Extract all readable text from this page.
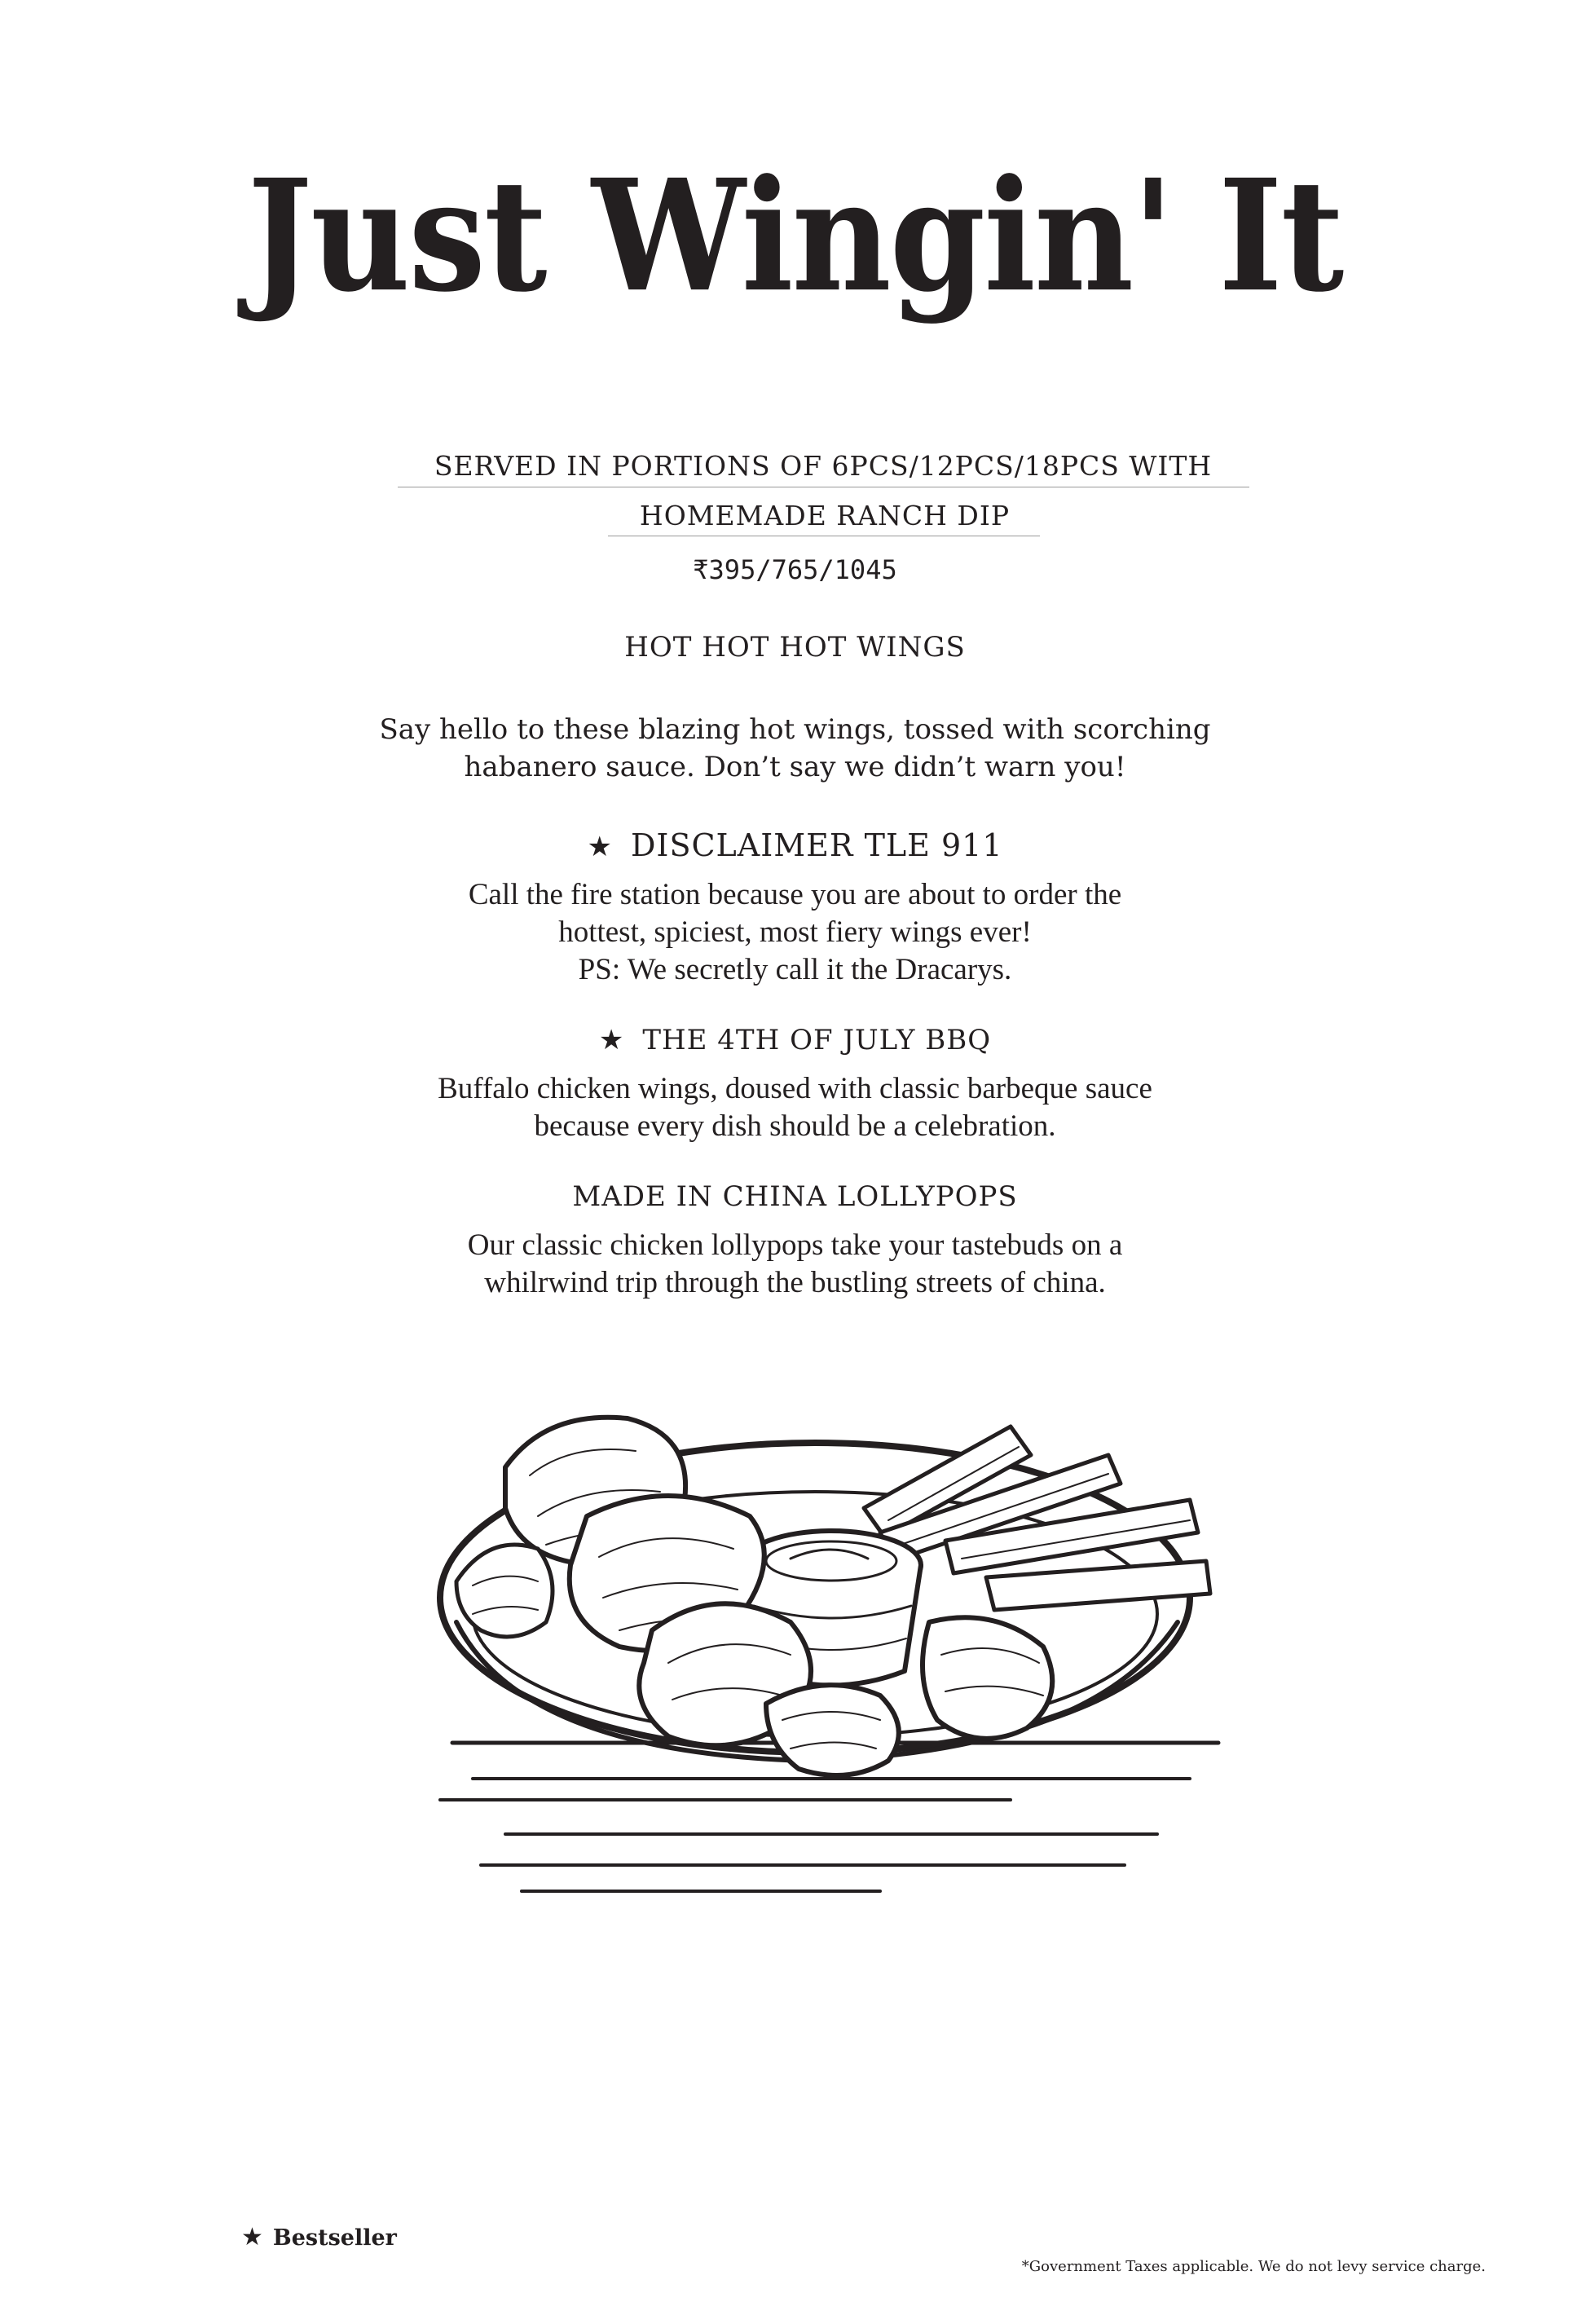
Just Wingin' It
SERVED IN PORTIONS OF 6PCS/12PCS/18PCS WITH
HOMEMADE RANCH DIP
₹395/765/1045
HOT HOT HOT WINGS
Say hello to these blazing hot wings, tossed with scorching
habanero sauce. Don’t say we didn’t warn you!
★ DISCLAIMER TLE 911
Call the fire station because you are about to order the
hottest, spiciest, most fiery wings ever!
PS: We secretly call it the Dracarys.
★ THE 4TH OF JULY BBQ
Buffalo chicken wings, doused with classic barbeque sauce
because every dish should be a celebration.
MADE IN CHINA LOLLYPOPS
Our classic chicken lollypops take your tastebuds on a
whilrwind trip through the bustling streets of china.
★ Bestseller
*Government Taxes applicable. We do not levy service charge.
